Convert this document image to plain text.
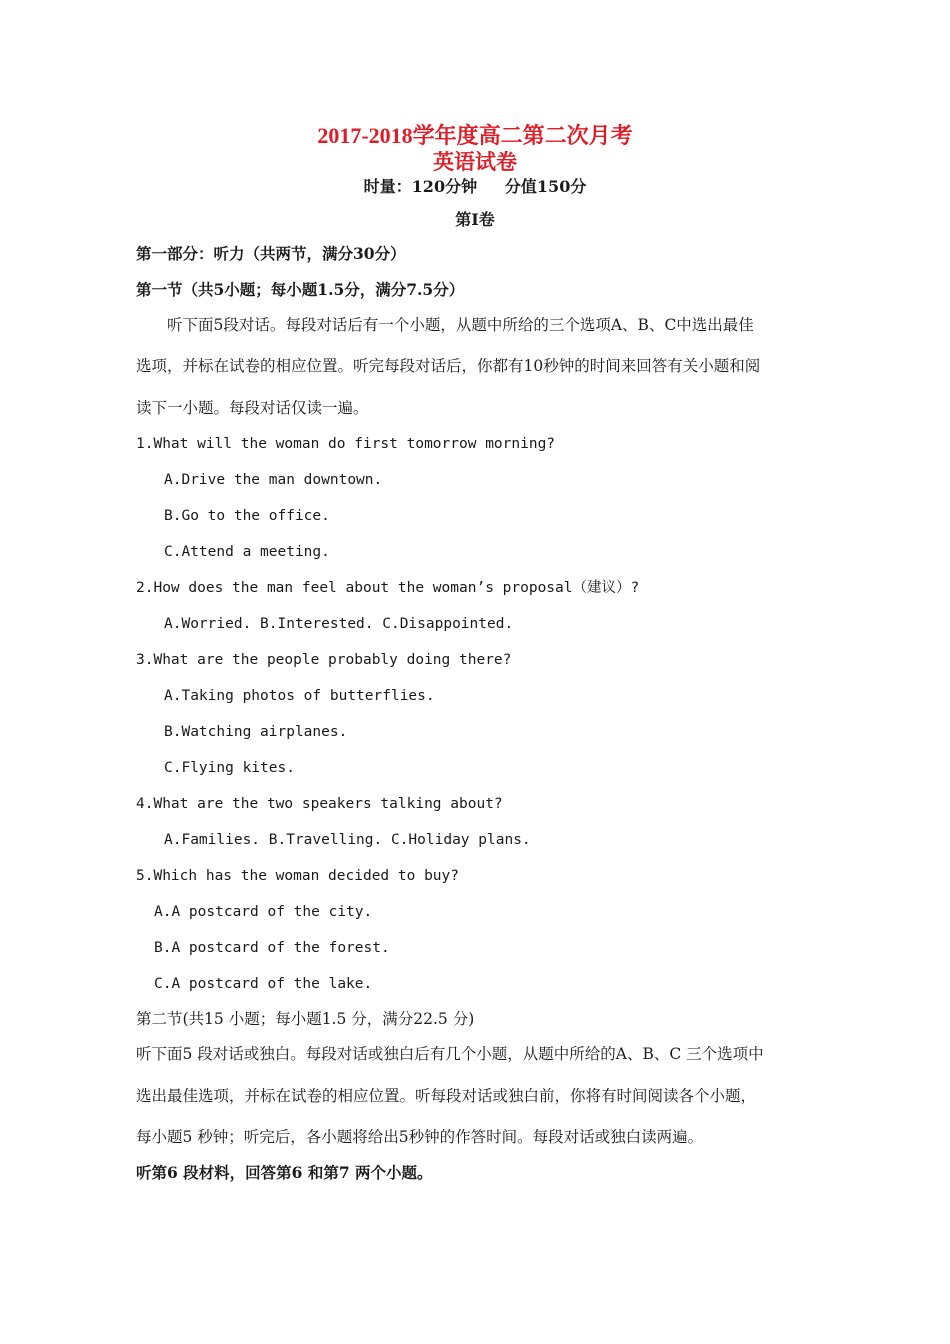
2017-2018学年度高二第二次月考
英语试卷
时量：120分钟     分值150分
第Ⅰ卷
第一部分：听力（共两节，满分30分）
第一节（共5小题；每小题1.5分，满分7.5分）
　　听下面5段对话。每段对话后有一个小题，从题中所给的三个选项A、B、C中选出最佳
选项，并标在试卷的相应位置。听完每段对话后，你都有10秒钟的时间来回答有关小题和阅
读下一小题。每段对话仅读一遍。
1.What will the woman do first tomorrow morning?
A.Drive the man downtown.
B.Go to the office.
C.Attend a meeting.
2.How does the man feel about the woman’s proposal（建议）?
A.Worried. B.Interested. C.Disappointed.
3.What are the people probably doing there?
A.Taking photos of butterflies.
B.Watching airplanes.
C.Flying kites.
4.What are the two speakers talking about?
A.Families. B.Travelling. C.Holiday plans.
5.Which has the woman decided to buy?
A.A postcard of the city.
B.A postcard of the forest.
C.A postcard of the lake.
第二节(共15 小题；每小题1.5 分，满分22.5 分)
听下面5 段对话或独白。每段对话或独白后有几个小题，从题中所给的A、B、C 三个选项中
选出最佳选项，并标在试卷的相应位置。听每段对话或独白前，你将有时间阅读各个小题，
每小题5 秒钟；听完后，各小题将给出5秒钟的作答时间。每段对话或独白读两遍。
听第6 段材料，回答第6 和第7 两个小题。
